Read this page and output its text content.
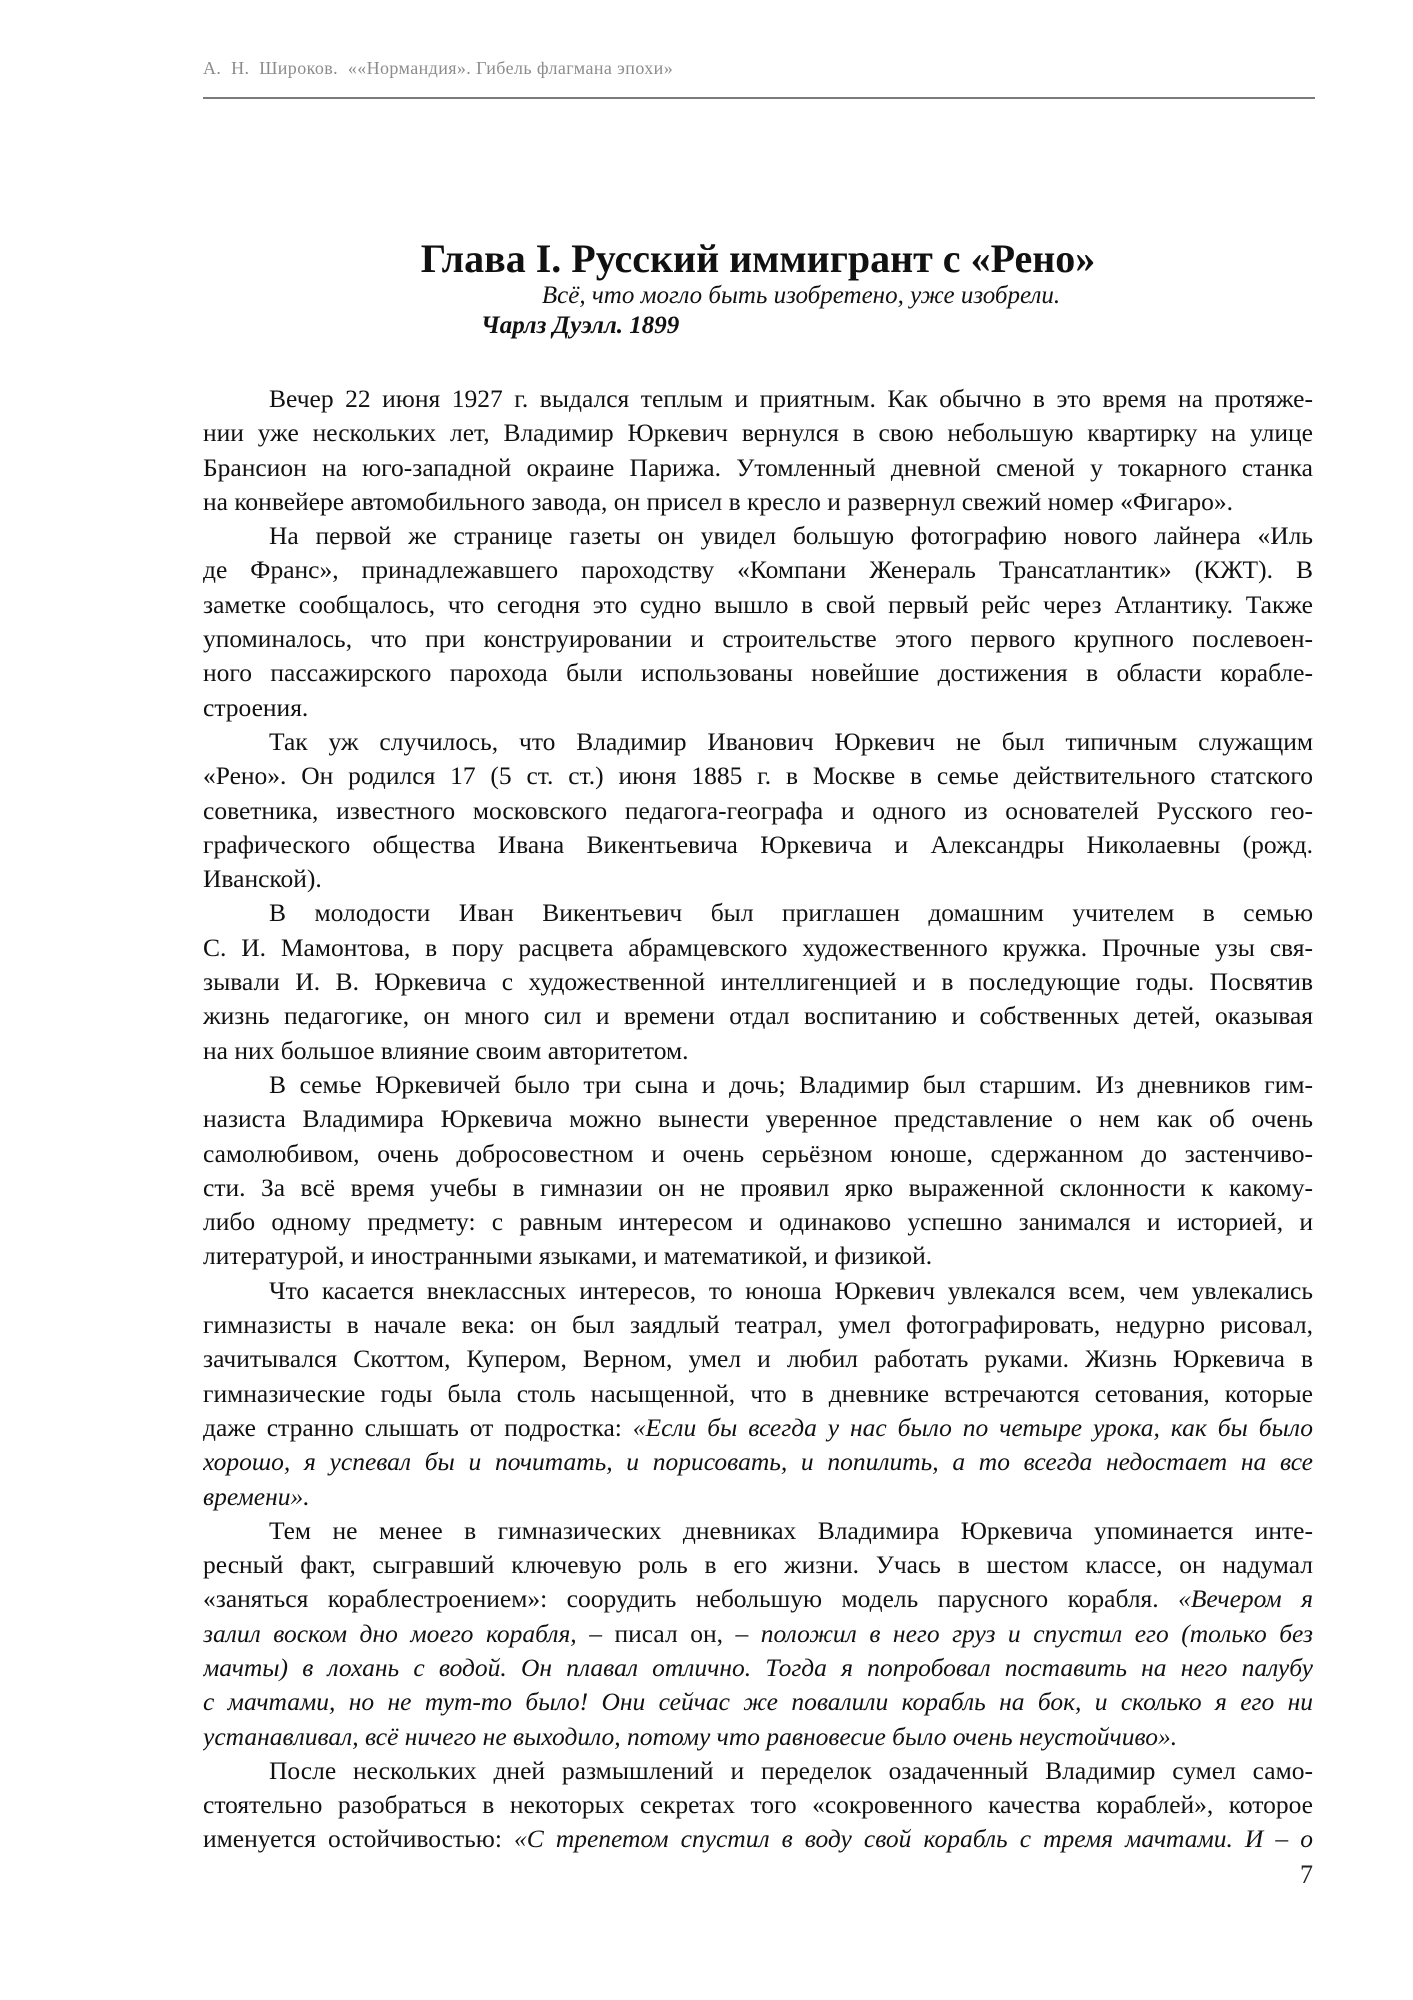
А.  Н.  Широков.  ««Нормандия». Гибель флагмана эпохи»
Глава I. Русский иммигрант с «Рено»
Всё, что могло быть изобретено, уже изобрели.
Чарлз Дуэлл. 1899
Вечер 22 июня 1927 г. выдался теплым и приятным. Как обычно в это время на протяже-
нии уже нескольких лет, Владимир Юркевич вернулся в свою небольшую квартирку на улице
Брансион на юго-западной окраине Парижа. Утомленный дневной сменой у токарного станка
на конвейере автомобильного завода, он присел в кресло и развернул свежий номер «Фигаро».
На первой же странице газеты он увидел большую фотографию нового лайнера «Иль
де Франс», принадлежавшего пароходству «Компани Женераль Трансатлантик» (КЖТ). В
заметке сообщалось, что сегодня это судно вышло в свой первый рейс через Атлантику. Также
упоминалось, что при конструировании и строительстве этого первого крупного послевоен-
ного пассажирского парохода были использованы новейшие достижения в области корабле-
строения.
Так уж случилось, что Владимир Иванович Юркевич не был типичным служащим
«Рено». Он родился 17 (5 ст. ст.) июня 1885 г. в Москве в семье действительного статского
советника, известного московского педагога-географа и одного из основателей Русского гео-
графического общества Ивана Викентьевича Юркевича и Александры Николаевны (рожд.
Иванской).
В молодости Иван Викентьевич был приглашен домашним учителем в семью
С. И. Мамонтова, в пору расцвета абрамцевского художественного кружка. Прочные узы свя-
зывали И. В. Юркевича с художественной интеллигенцией и в последующие годы. Посвятив
жизнь педагогике, он много сил и времени отдал воспитанию и собственных детей, оказывая
на них большое влияние своим авторитетом.
В семье Юркевичей было три сына и дочь; Владимир был старшим. Из дневников гим-
назиста Владимира Юркевича можно вынести уверенное представление о нем как об очень
самолюбивом, очень добросовестном и очень серьёзном юноше, сдержанном до застенчиво-
сти. За всё время учебы в гимназии он не проявил ярко выраженной склонности к какому-
либо одному предмету: с равным интересом и одинаково успешно занимался и историей, и
литературой, и иностранными языками, и математикой, и физикой.
Что касается внеклассных интересов, то юноша Юркевич увлекался всем, чем увлекались
гимназисты в начале века: он был заядлый театрал, умел фотографировать, недурно рисовал,
зачитывался Скоттом, Купером, Верном, умел и любил работать руками. Жизнь Юркевича в
гимназические годы была столь насыщенной, что в дневнике встречаются сетования, которые
даже странно слышать от подростка: «Если бы всегда у нас было по четыре урока, как бы было
хорошо, я успевал бы и почитать, и порисовать, и попилить, а то всегда недостает на все
времени».
Тем не менее в гимназических дневниках Владимира Юркевича упоминается инте-
ресный факт, сыгравший ключевую роль в его жизни. Учась в шестом классе, он надумал
«заняться кораблестроением»: соорудить небольшую модель парусного корабля. «Вечером я
залил воском дно моего корабля, – писал он, – положил в него груз и спустил его (только без
мачты) в лохань с водой. Он плавал отлично. Тогда я попробовал поставить на него палубу
с мачтами, но не тут-то было! Они сейчас же повалили корабль на бок, и сколько я его ни
устанавливал, всё ничего не выходило, потому что равновесие было очень неустойчиво».
После нескольких дней размышлений и переделок озадаченный Владимир сумел само-
стоятельно разобраться в некоторых секретах того «сокровенного качества кораблей», которое
именуется остойчивостью: «С трепетом спустил в воду свой корабль с тремя мачтами. И – о
7
